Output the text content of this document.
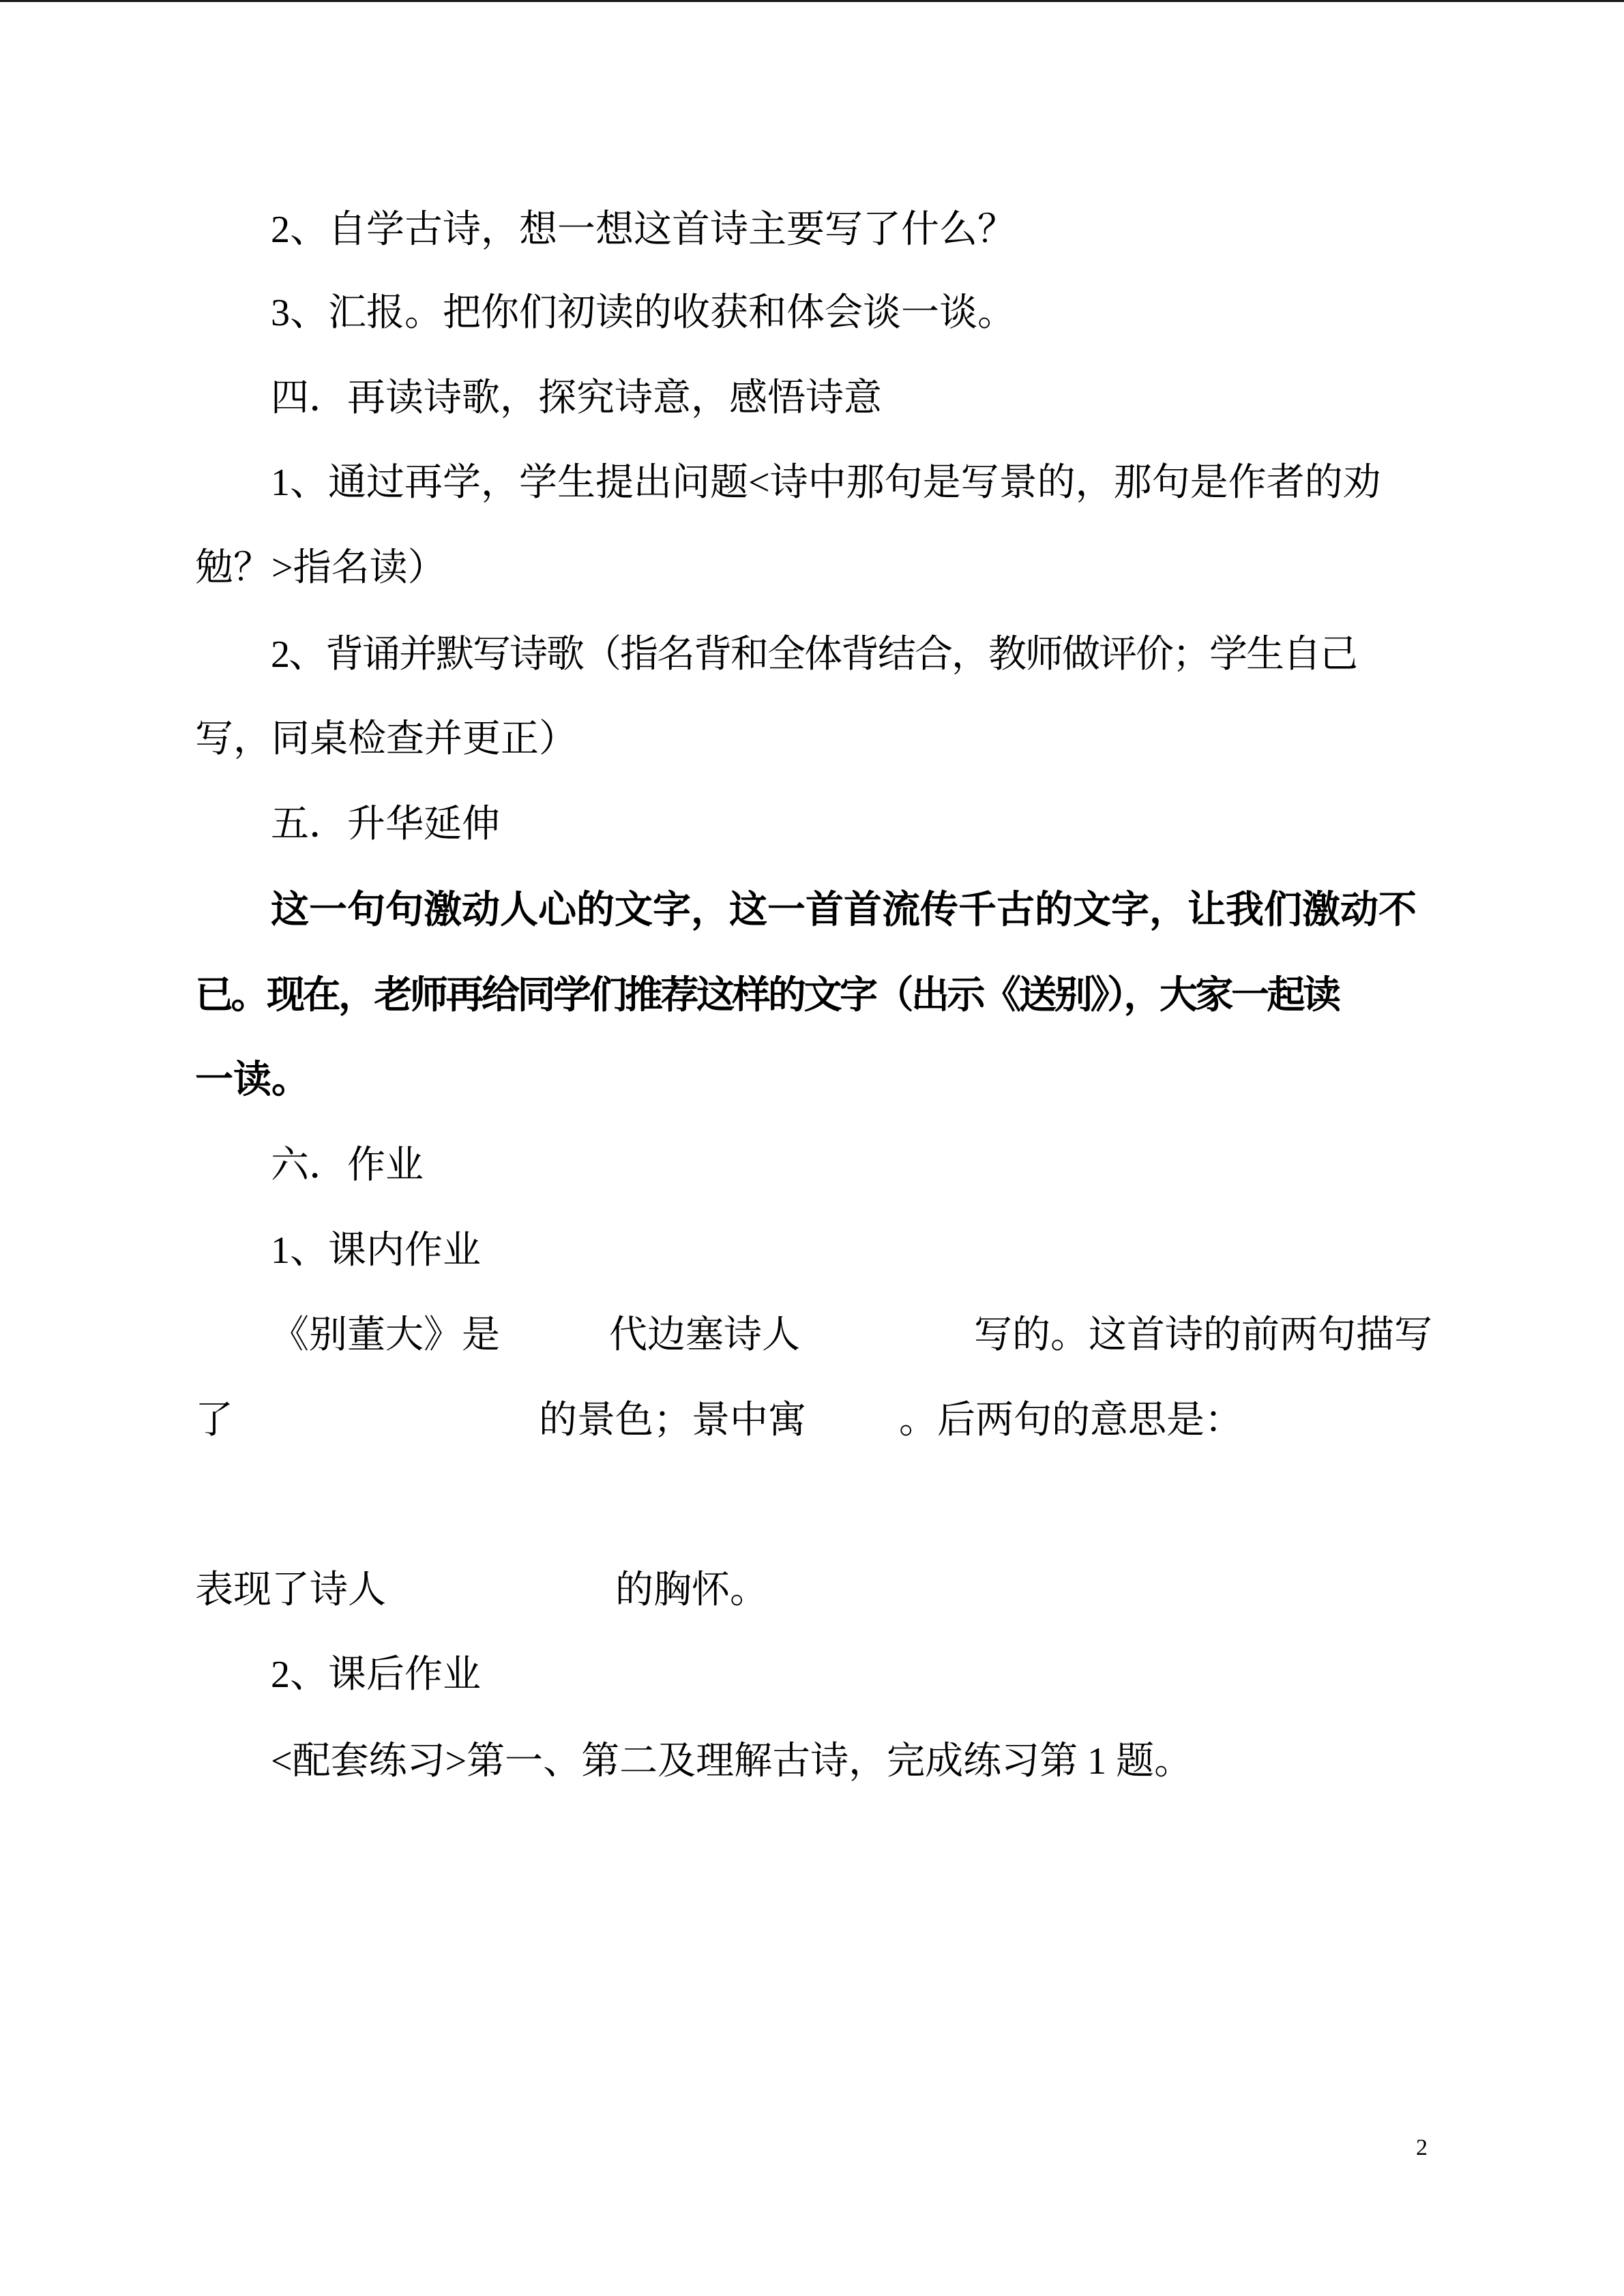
2、自学古诗，想一想这首诗主要写了什么？
3、汇报。把你们初读的收获和体会谈一谈。
四．再读诗歌，探究诗意，感悟诗意
1、通过再学，学生提出问题<诗中那句是写景的，那句是作者的劝
勉？>指名读）
2、背诵并默写诗歌（指名背和全体背结合，教师做评价；学生自己
写，同桌检查并更正）
五．升华延伸
这一句句激动人心的文字，这一首首流传千古的文字，让我们激动不
已。现在，老师再给同学们推荐这样的文字（出示《送别》），大家一起读
一读。
六．作业
1、课内作业
《别董大》是	代边塞诗人	写的。这首诗的前两句描写
了	的景色；景中寓 。后两句的意思是：
表现了诗人	的胸怀。
2、课后作业
<配套练习>第一、第二及理解古诗，完成练习第 1 题。
2
